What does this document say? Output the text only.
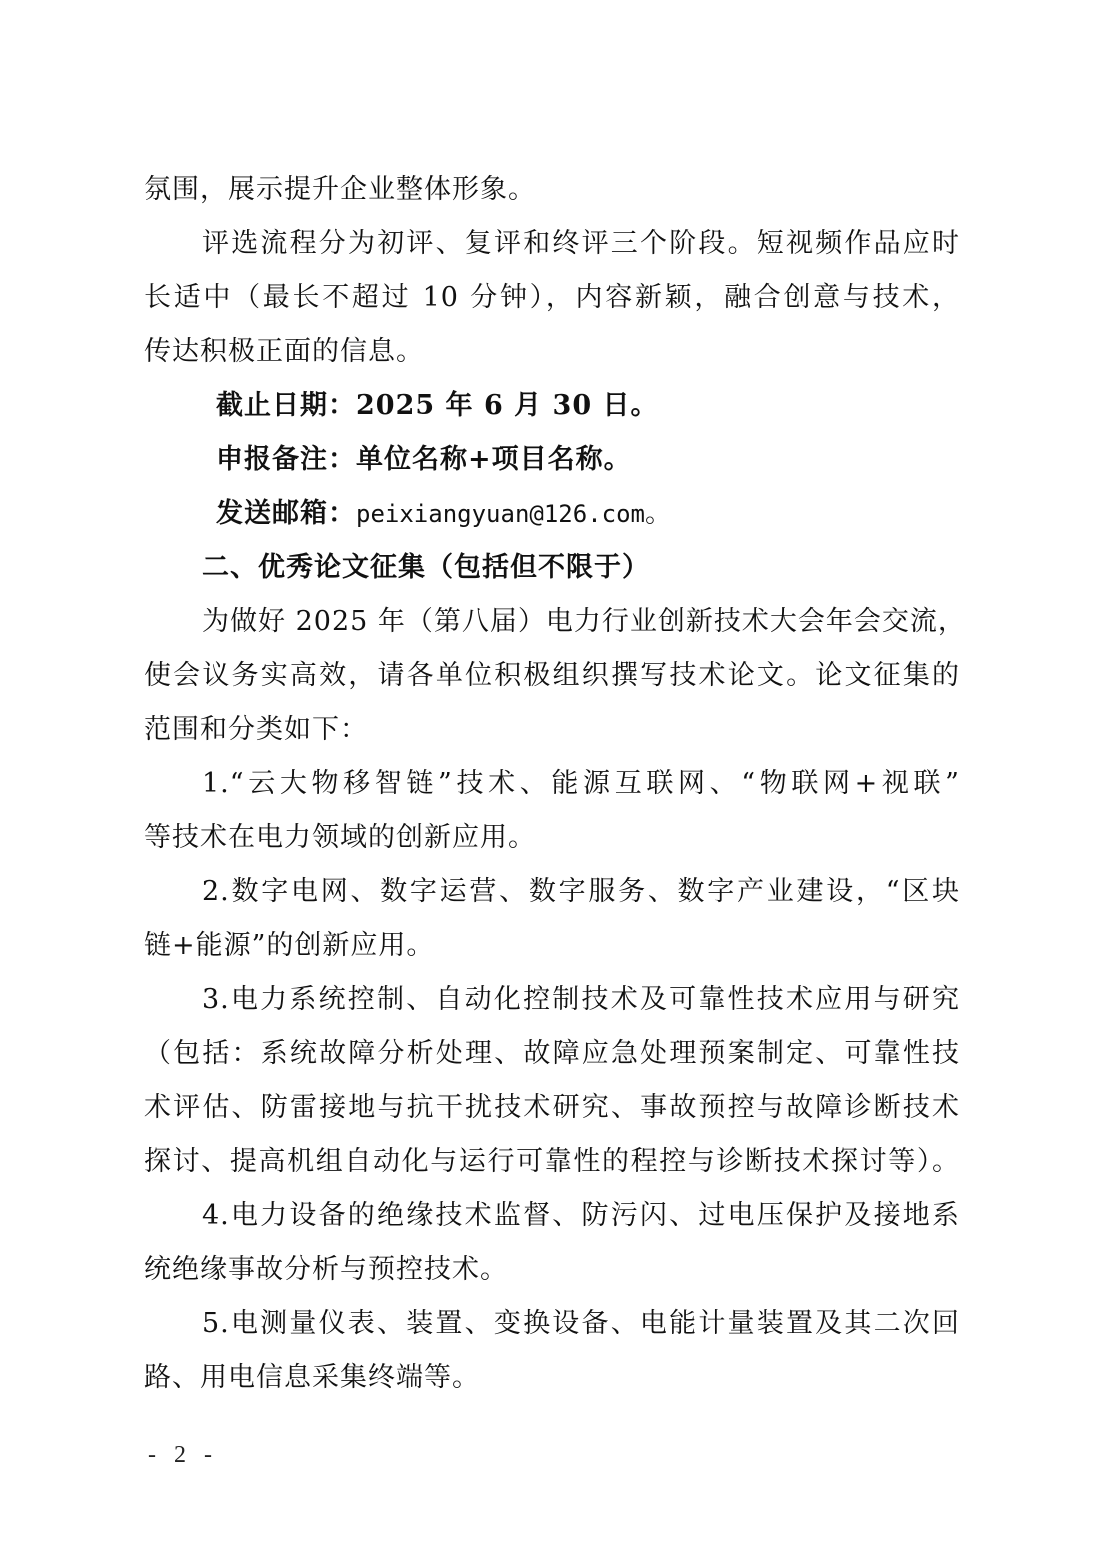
氛围，展示提升企业整体形象。
评选流程分为初评、复评和终评三个阶段。短视频作品应时
长适中（最长不超过 10 分钟），内容新颖，融合创意与技术，
传达积极正面的信息。
截止日期：2025 年 6 月 30 日。
申报备注：单位名称+项目名称。
发送邮箱：peixiangyuan@126.com。
二、优秀论文征集（包括但不限于）
为做好 2025 年（第八届）电力行业创新技术大会年会交流，
使会议务实高效，请各单位积极组织撰写技术论文。论文征集的
范围和分类如下：
1.“云大物移智链”技术、能源互联网、“物联网+视联”
等技术在电力领域的创新应用。
2.数字电网、数字运营、数字服务、数字产业建设，“区块
链+能源”的创新应用。
3.电力系统控制、自动化控制技术及可靠性技术应用与研究
（包括：系统故障分析处理、故障应急处理预案制定、可靠性技
术评估、防雷接地与抗干扰技术研究、事故预控与故障诊断技术
探讨、提高机组自动化与运行可靠性的程控与诊断技术探讨等）。
4.电力设备的绝缘技术监督、防污闪、过电压保护及接地系
统绝缘事故分析与预控技术。
5.电测量仪表、装置、变换设备、电能计量装置及其二次回
路、用电信息采集终端等。
- 2 -
